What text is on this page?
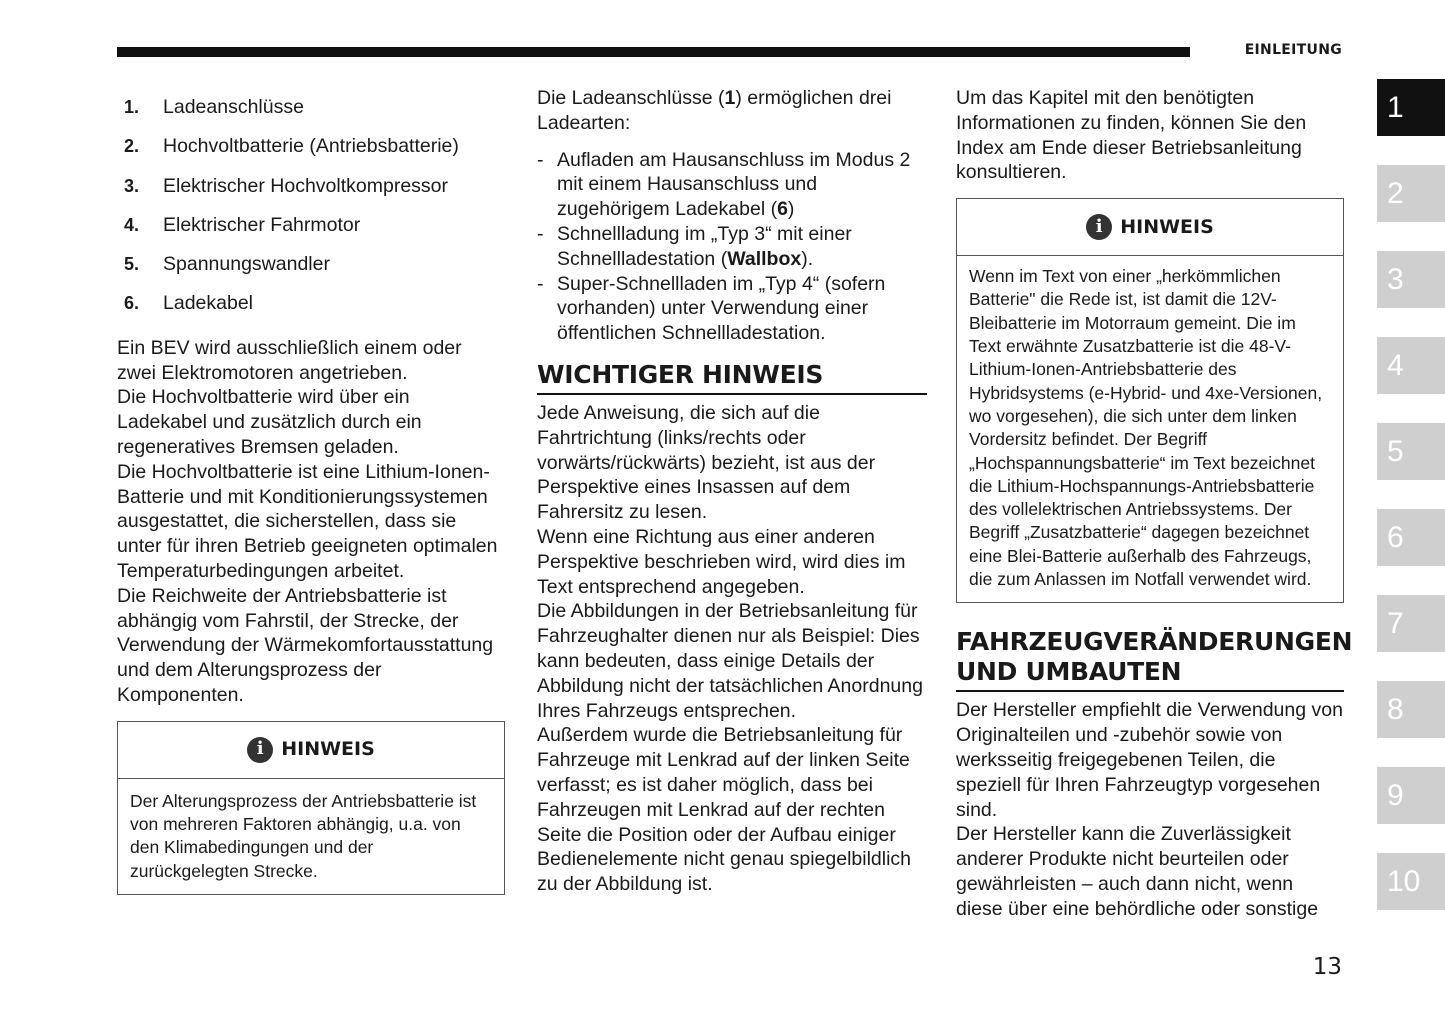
EINLEITUNG
1.	Ladeanschlüsse
2.	Hochvoltbatterie (Antriebsbatterie)
3.	Elektrischer Hochvoltkompressor
4.	Elektrischer Fahrmotor
5.	Spannungswandler
6.	Ladekabel

Ein BEV wird ausschließlich einem oder zwei Elektromotoren angetrieben.
Die Hochvoltbatterie wird über ein Ladekabel und zusätzlich durch ein regeneratives Bremsen geladen.
Die Hochvoltbatterie ist eine Lithium-Ionen-Batterie und mit Konditionierungssystemen ausgestattet, die sicherstellen, dass sie unter für ihren Betrieb geeigneten optimalen Temperaturbedingungen arbeitet.
Die Reichweite der Antriebsbatterie ist abhängig vom Fahrstil, der Strecke, der Verwendung der Wärmekomfortausstattung und dem Alterungsprozess der Komponenten.

i HINWEIS
Der Alterungsprozess der Antriebsbatterie ist von mehreren Faktoren abhängig, u.a. von den Klimabedingungen und der zurückgelegten Strecke.

Die Ladeanschlüsse (1) ermöglichen drei Ladearten:

- Aufladen am Hausanschluss im Modus 2 mit einem Hausanschluss und zugehörigem Ladekabel (6)
- Schnellladung im „Typ 3“ mit einer Schnellladestation (Wallbox).
- Super-Schnellladen im „Typ 4“ (sofern vorhanden) unter Verwendung einer öffentlichen Schnellladestation.
WICHTIGER HINWEIS

Jede Anweisung, die sich auf die Fahrtrichtung (links/rechts oder vorwärts/rückwärts) bezieht, ist aus der Perspektive eines Insassen auf dem Fahrersitz zu lesen.
Wenn eine Richtung aus einer anderen Perspektive beschrieben wird, wird dies im Text entsprechend angegeben.
Die Abbildungen in der Betriebsanleitung für Fahrzeughalter dienen nur als Beispiel: Dies kann bedeuten, dass einige Details der Abbildung nicht der tatsächlichen Anordnung Ihres Fahrzeugs entsprechen.
Außerdem wurde die Betriebsanleitung für Fahrzeuge mit Lenkrad auf der linken Seite verfasst; es ist daher möglich, dass bei Fahrzeugen mit Lenkrad auf der rechten Seite die Position oder der Aufbau einiger Bedienelemente nicht genau spiegelbildlich zu der Abbildung ist.

Um das Kapitel mit den benötigten Informationen zu finden, können Sie den Index am Ende dieser Betriebsanleitung konsultieren.

i HINWEIS
Wenn im Text von einer „herkömmlichen Batterie" die Rede ist, ist damit die 12V-Bleibatterie im Motorraum gemeint. Die im Text erwähnte Zusatzbatterie ist die 48-V-Lithium-Ionen-Antriebsbatterie des Hybridsystems (e-Hybrid- und 4xe-Versionen, wo vorgesehen), die sich unter dem linken Vordersitz befindet. Der Begriff „Hochspannungsbatterie“ im Text bezeichnet die Lithium-Hochspannungs-Antriebsbatterie des vollelektrischen Antriebssystems. Der Begriff „Zusatzbatterie“ dagegen bezeichnet eine Blei-Batterie außerhalb des Fahrzeugs, die zum Anlassen im Notfall verwendet wird.
FAHRZEUGVERÄNDERUNGEN UND UMBAUTEN

Der Hersteller empfiehlt die Verwendung von Originalteilen und -zubehör sowie von werksseitig freigegebenen Teilen, die speziell für Ihren Fahrzeugtyp vorgesehen sind.
Der Hersteller kann die Zuverlässigkeit anderer Produkte nicht beurteilen oder gewährleisten – auch dann nicht, wenn diese über eine behördliche oder sonstige

1
2
3
4
5
6
7
8
9
10
13
